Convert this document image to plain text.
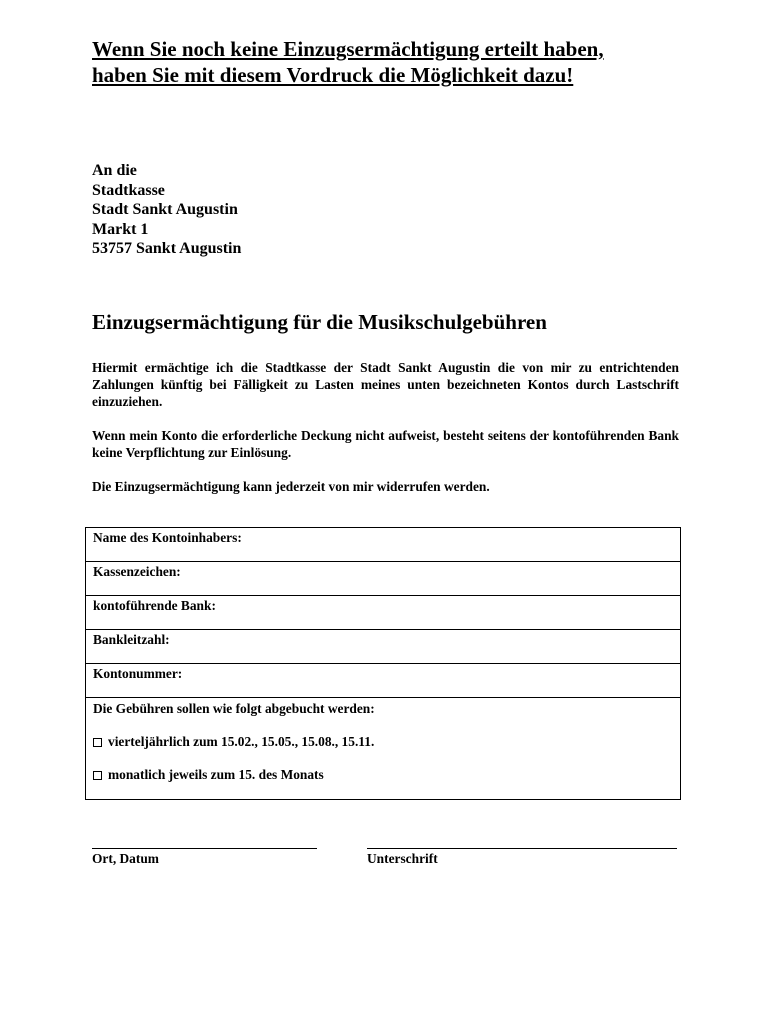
Wenn Sie noch keine Einzugsermächtigung erteilt haben,
haben Sie mit diesem Vordruck die Möglichkeit dazu!
An die
Stadtkasse
Stadt Sankt Augustin
Markt 1
53757 Sankt Augustin
Einzugsermächtigung für die Musikschulgebühren
Hiermit ermächtige ich die Stadtkasse der Stadt Sankt Augustin die von mir zu entrichtenden Zahlungen künftig bei Fälligkeit zu Lasten meines unten bezeichneten Kontos durch Lastschrift einzuziehen.
Wenn mein Konto die erforderliche Deckung nicht aufweist, besteht seitens der kontoführenden Bank keine Verpflichtung zur Einlösung.
Die Einzugsermächtigung kann jederzeit von mir widerrufen werden.
Name des Kontoinhabers:
Kassenzeichen:
kontoführende Bank:
Bankleitzahl:
Kontonummer:
Die Gebühren sollen wie folgt abgebucht werden:
vierteljährlich zum 15.02., 15.05., 15.08., 15.11.
monatlich jeweils zum 15. des Monats
Ort, Datum	Unterschrift
